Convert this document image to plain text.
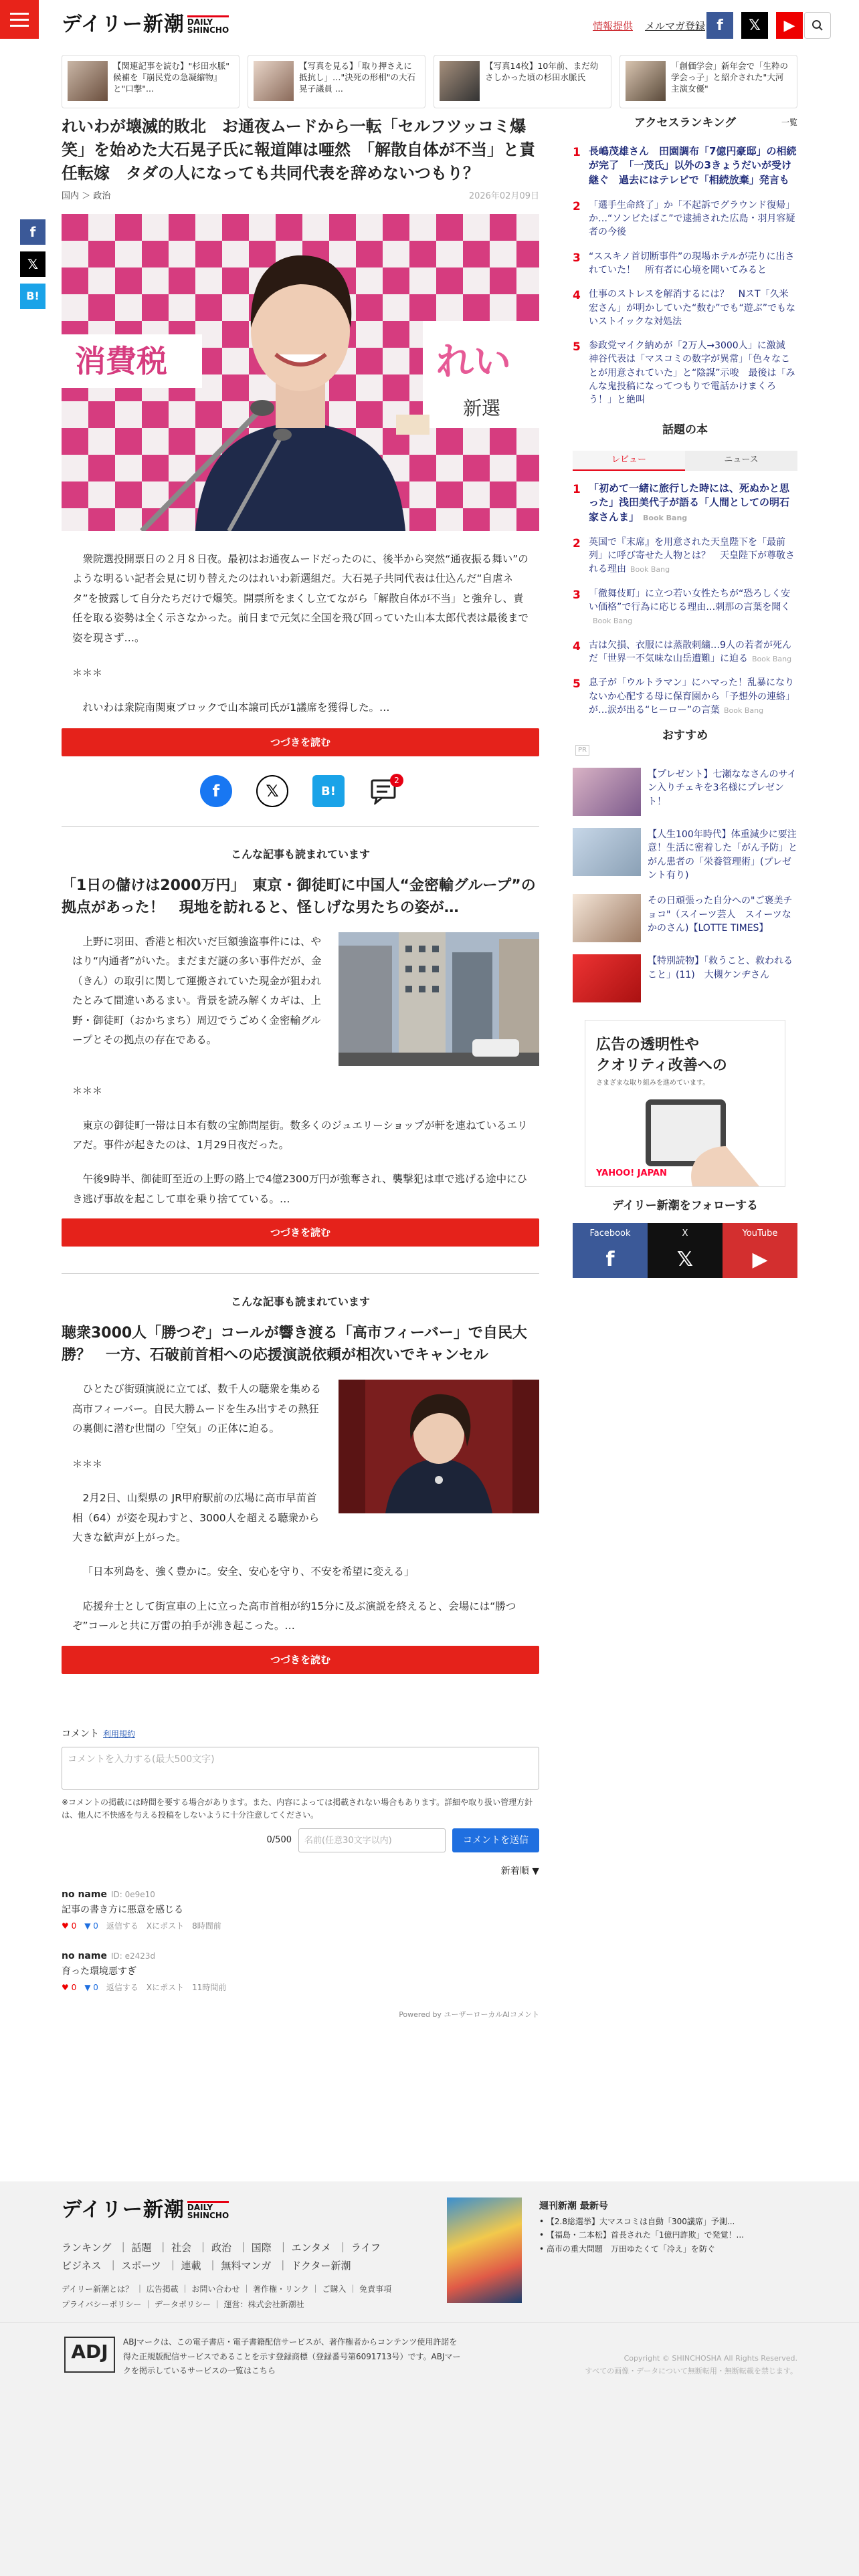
デイリー新潮 DAILY
SHINCHO	情報提供 メルマガ登録 f	𝕏	▶
【関連記事を読む】"杉田水脈" 候補を『崩民党の急凝縮物』と"口撃"...
【写真を見る】「取り押さえに抵抗し」…"決死の形相"の大石晃子議員 ...
【写真14枚】10年前、まだ幼さしかった頃の杉田水脈氏
「創価学会」新年会で「生粋の学会っ子」と紹介された"大河主演女優"
f
𝕏
B!
れいわが壊滅的敗北　お通夜ムードから一転「セルフツッコミ爆笑」を始めた大石晃子氏に報道陣は唖然　「解散自体が不当」と責任転嫁　タダの人になっても共同代表を辞めないつもり？
国内 ＞ 政治	2026年02月09日
消費税	れい
新選

衆院選投開票日の２月８日夜。最初はお通夜ムードだったのに、後半から突然“通夜振る舞い”のような明るい記者会見に切り替えたのはれいわ新選組だ。大石晃子共同代表は仕込んだ“自虐ネタ”を披露して自分たちだけで爆笑。開票所をまくし立てながら「解散自体が不当」と強弁し、責任を取る姿勢は全く示さなかった。前日まで元気に全国を飛び回っていた山本太郎代表は最後まで姿を現さず…。

＊＊＊

れいわは衆院南関東ブロックで山本譲司氏が1議席を獲得した。…

つづきを読む
f	𝕏	B!
2
こんな記事も読まれています
「1日の儲けは2000万円」　東京・御徒町に中国人“金密輸グループ”の拠点があった！　現地を訪れると、怪しげな男たちの姿が…

上野に羽田、香港と相次いだ巨額強盗事件には、やはり“内通者”がいた。まだまだ謎の多い事件だが、金（きん）の取引に関して運搬されていた現金が狙われたとみて間違いあるまい。背景を読み解くカギは、上野・御徒町（おかちまち）周辺でうごめく金密輸グループとその拠点の存在である。

＊＊＊

東京の御徒町一帯は日本有数の宝飾問屋街。数多くのジュエリーショップが軒を連ねているエリアだ。事件が起きたのは、1月29日夜だった。

午後9時半、御徒町至近の上野の路上で4億2300万円が強奪され、襲撃犯は車で逃げる途中にひき逃げ事故を起こして車を乗り捨てている。…

つづきを読む
こんな記事も読まれています
聴衆3000人「勝つぞ」コールが響き渡る「高市フィーバー」で自民大勝？　一方、石破前首相への応援演説依頼が相次いでキャンセル

ひとたび街頭演説に立てば、数千人の聴衆を集める高市フィーバー。自民大勝ムードを生み出すその熱狂の裏側に潜む世間の「空気」の正体に迫る。

＊＊＊

2月2日、山梨県の JR甲府駅前の広場に高市早苗首相（64）が姿を現わすと、3000人を超える聴衆から大きな歓声が上がった。

「日本列島を、強く豊かに。安全、安心を守り、不安を希望に変える」

応援弁士として街宣車の上に立った高市首相が約15分に及ぶ演説を終えると、会場には“勝つぞ”コールと共に万雷の拍手が沸き起こった。…

つづきを読む
コメント 利用規約
コメントを入力する(最大500文字)

※コメントの掲載には時間を要する場合があります。また、内容によっては掲載されない場合もあります。詳細や取り扱い管理方針は、他人に不快感を与える投稿をしないように十分注意してください。

0/500	名前(任意30文字以内)	コメントを送信
新着順 ▼
no name ID: 0e9e10
記事の書き方に悪意を感じる
♥ 0 ▼ 0 返信する Xにポスト 8時間前
no name ID: e2423d
育った環境悪すぎ
♥ 0 ▼ 0 返信する Xにポスト 11時間前
Powered by ユーザーローカルAIコメント
アクセスランキング	一覧
1 長嶋茂雄さん　田園調布「7億円豪邸」の相続が完了　「一茂氏」以外の3きょうだいが受け継ぐ　過去にはテレビで「相続放棄」発言も
2 「選手生命終了」か「不起訴でグラウンド復帰」か…“ソンビたばこ”で逮捕された広島・羽月容疑者の今後
3 “ススキノ首切断事件”の現場ホテルが売りに出されていた！　所有者に心境を聞いてみると
4 仕事のストレスを解消するには？　NスT「久米宏さん」が明かしていた“数む”でも“遊ぶ”でもないストイックな対処法
5 参政党マイク納めが「2万人→3000人」に激減　神谷代表は「マスコミの数字が異常」「色々なことが用意されていた」と“陰謀”示唆　最後は「みんな鬼投稿になってつもりで電話かけまくろう！」と絶叫
話題の本
レビュー	ニュース
1 「初めて一緒に旅行した時には、死ぬかと思った」浅田美代子が語る「人間としての明石家さんま」 Book Bang
2 英国で『末席』を用意された天皇陛下を「最前列」に呼び寄せた人物とは？　天皇陛下が尊敬される理由 Book Bang
3 「徹舞伎町」に立つ若い女性たちが“恐ろしく安い価格”で行為に応じる理由…刺那の言葉を聞くBook Bang
4 古は欠損、衣服には蒸散刺繍…9人の若者が死んだ「世界一不気味な山岳遭難」に迫る Book Bang
5 息子が「ウルトラマン」にハマった！乱暴になりないか心配する母に保育園から「予想外の連絡」が…涙が出る“ヒーロー”の言葉 Book Bang
おすすめ
PR
【プレゼント】七瀬ななさんのサイン入りチェキを3名様にプレゼント！
【人生100年時代】体重減少に要注意！生活に密着した「がん予防」とがん患者の「栄養管理術」(プレゼント有り)
その日頑張った自分への"ご褒美チョコ"（スイーツ芸人　スイーツなかのさん)【LOTTE TIMES】
【特別読物】「救うこと、救われること」(11)　大槻ケンヂさん
広告の透明性や
クオリティ改善への
さまざまな取り組みを進めています。
YAHOO! JAPAN
デイリー新潮をフォローする
Facebook
f
X
𝕏
YouTube
▶
デイリー新潮 DAILY
SHINCHO
ランキング ｜ 話題 ｜ 社会 ｜ 政治 ｜ 国際 ｜ エンタメ ｜ ライフ
ビジネス ｜ スポーツ ｜ 連載 ｜ 無料マンガ ｜ ドクター新潮
デイリー新潮とは？ ｜ 広告掲載 ｜ お問い合わせ ｜ 著作権・リンク ｜ ご購入 ｜ 免責事項
プライバシーポリシー ｜ データポリシー ｜ 運営：株式会社新潮社
週刊新潮 最新号
• 【2.8総選挙】大マスコミは自動「300議席」予測...
• 【福島・二本松】首長された「1億円詐欺」で発覚！...
• 高市の重大問題　万田ゆたくて「冷え」を防ぐ
ADJ	ABJマークは、この電子書店・電子書籍配信サービスが、著作権者からコンテンツ使用許諾を得た正規版配信サービスであることを示す登録商標（登録番号第6091713号）です。ABJマークを掲示しているサービスの一覧はこちら
Copyright © SHINCHOSHA All Rights Reserved.
すべての画像・データについて無断転用・無断転載を禁じます。
